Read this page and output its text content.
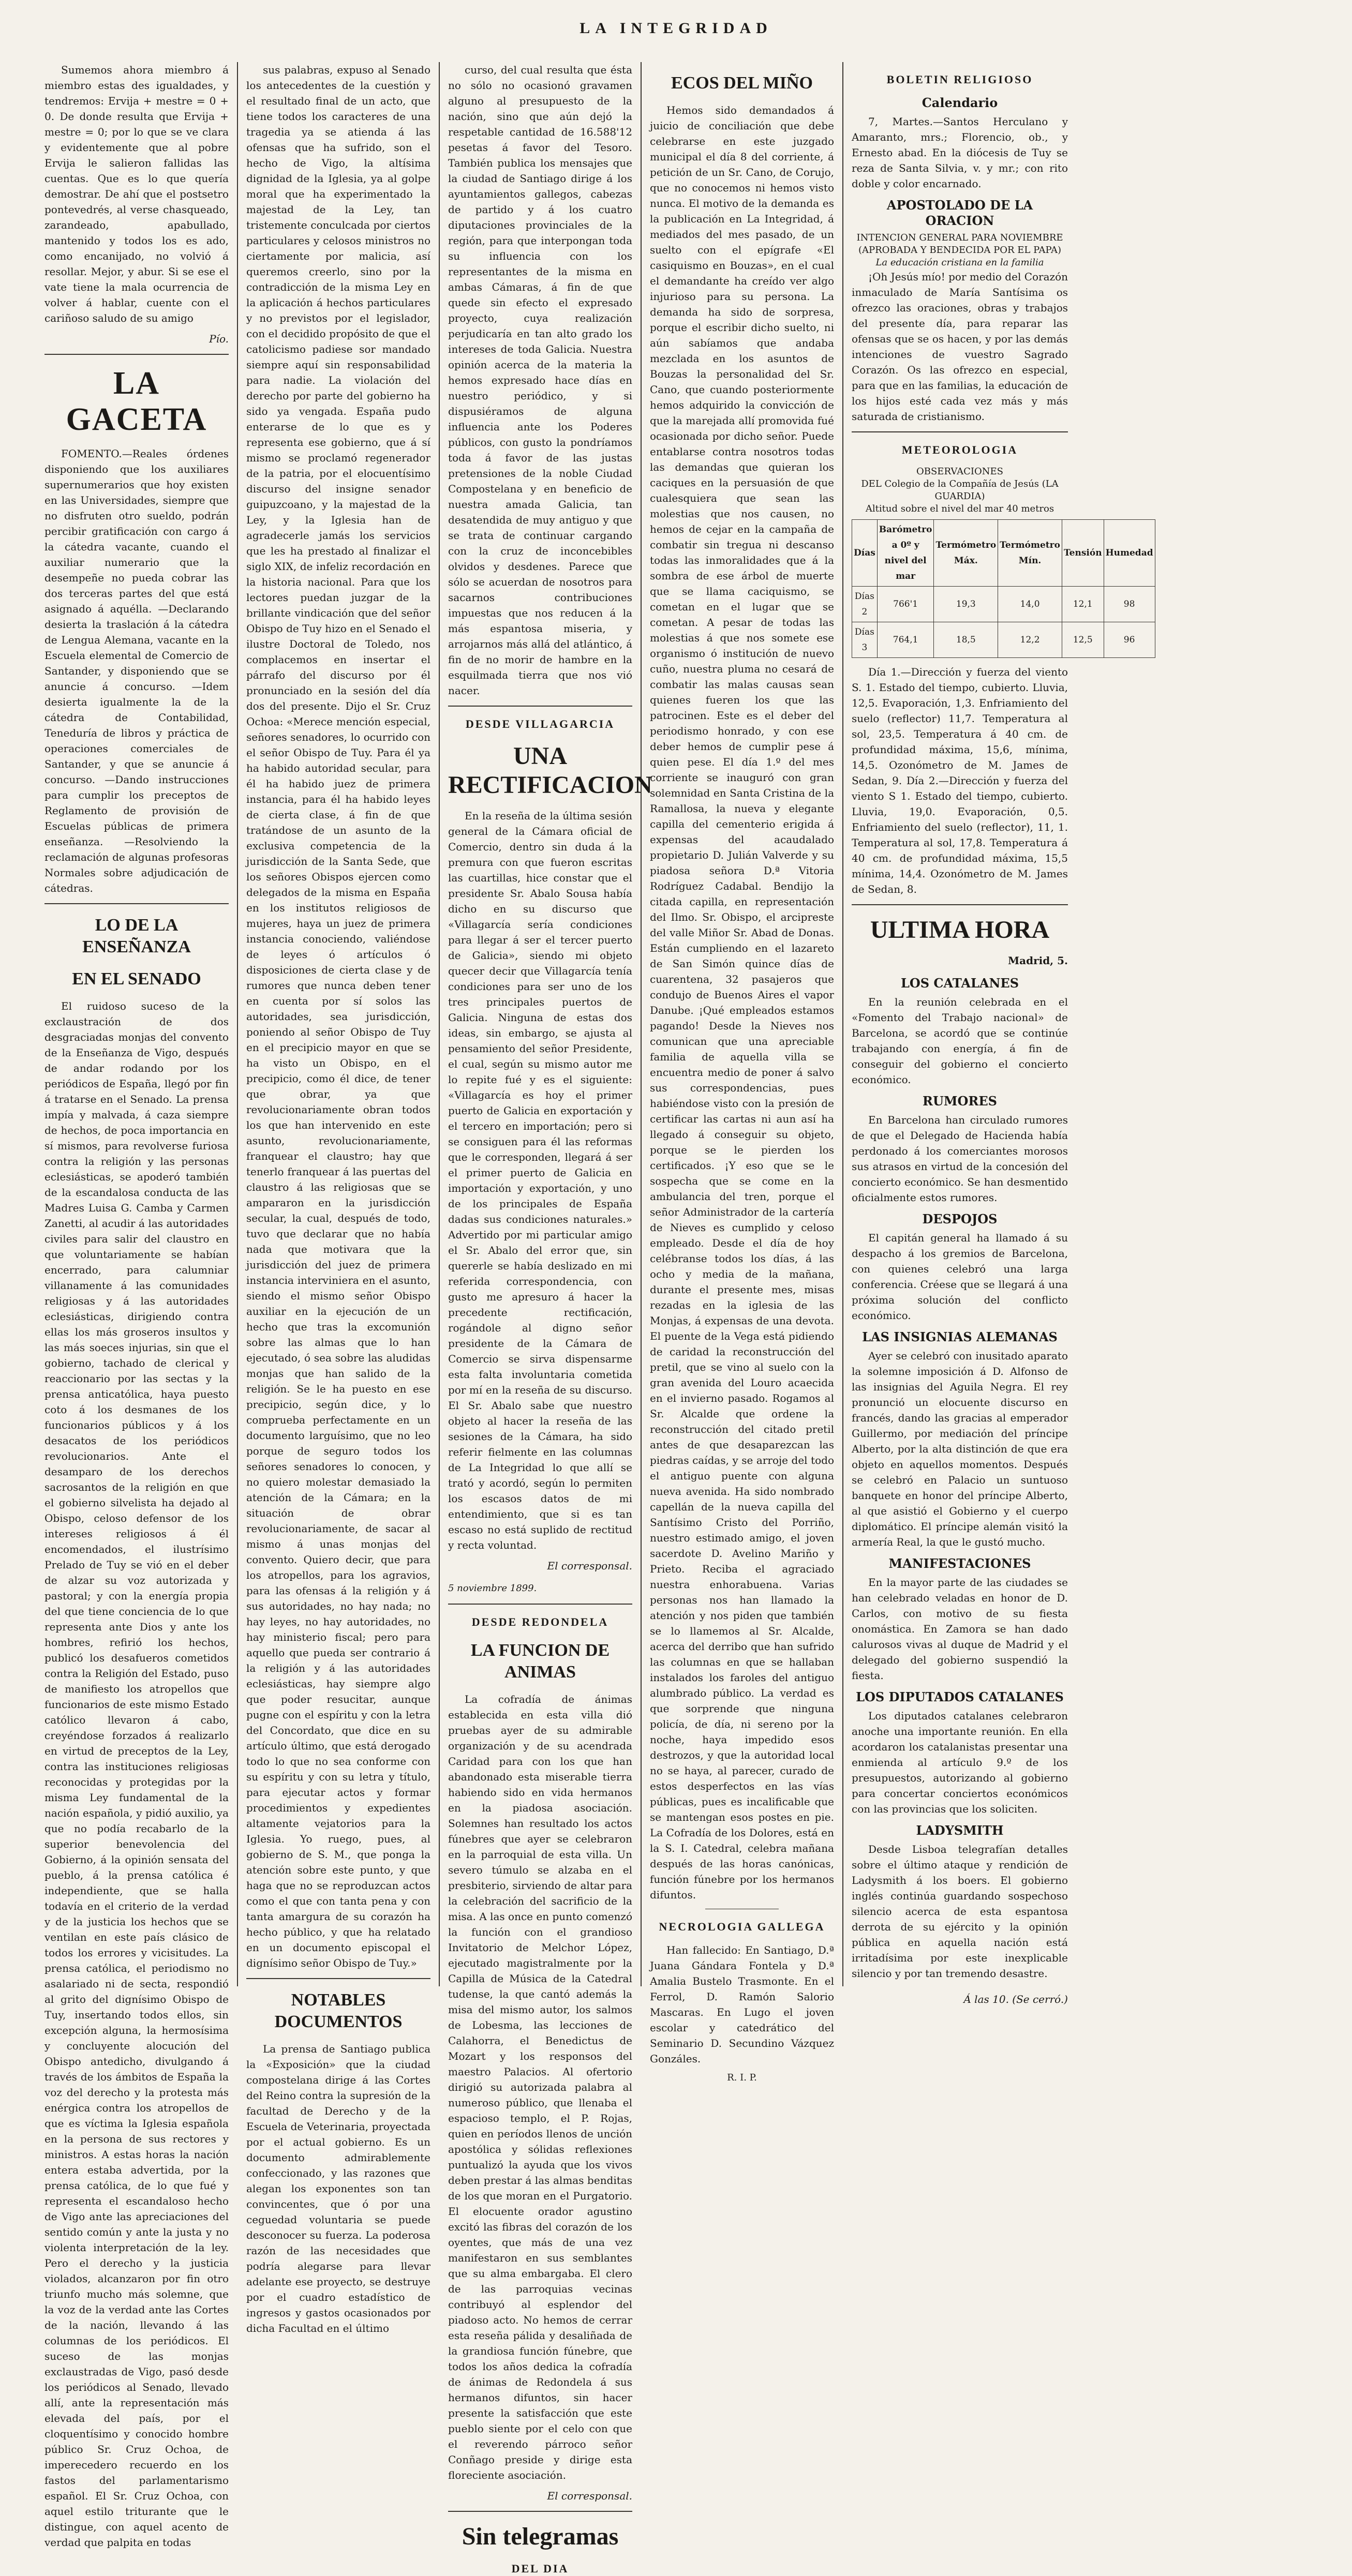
LA INTEGRIDAD

Sumemos ahora miembro á miembro estas des igualdades, y tendremos: Ervija + mestre = 0 + 0. De donde resulta que Ervija + mestre = 0; por lo que se ve clara y evidentemente que al pobre Ervija le salieron fallidas las cuentas. Que es lo que quería demostrar. De ahí que el postsetro pontevedrés, al verse chasqueado, zarandeado, apabullado, mantenido y todos los es ado, como encanijado, no volvió á resollar. Mejor, y abur. Si se ese el vate tiene la mala ocurrencia de volver á hablar, cuente con el cariñoso saludo de su amigo

Pío.
LA GACETA

FOMENTO.—Reales órdenes disponiendo que los auxiliares supernumerarios que hoy existen en las Universidades, siempre que no disfruten otro sueldo, podrán percibir gratificación con cargo á la cátedra vacante, cuando el auxiliar numerario que la desempeñe no pueda cobrar las dos terceras partes del que está asignado á aquélla. —Declarando desierta la traslación á la cátedra de Lengua Alemana, vacante en la Escuela elemental de Comercio de Santander, y disponiendo que se anuncie á concurso. —Idem desierta igualmente la de la cátedra de Contabilidad, Teneduría de libros y práctica de operaciones comerciales de Santander, y que se anuncie á concurso. —Dando instrucciones para cumplir los preceptos de Reglamento de provisión de Escuelas públicas de primera enseñanza. —Resolviendo la reclamación de algunas profesoras Normales sobre adjudicación de cátedras.

LO DE LA ENSEÑANZA
EN EL SENADO

El ruidoso suceso de la exclaustración de dos desgraciadas monjas del convento de la Enseñanza de Vigo, después de andar rodando por los periódicos de España, llegó por fin á tratarse en el Senado. La prensa impía y malvada, á caza siempre de hechos, de poca importancia en sí mismos, para revolverse furiosa contra la religión y las personas eclesiásticas, se apoderó también de la escandalosa conducta de las Madres Luisa G. Camba y Carmen Zanetti, al acudir á las autoridades civiles para salir del claustro en que voluntariamente se habían encerrado, para calumniar villanamente á las comunidades religiosas y á las autoridades eclesiásticas, dirigiendo contra ellas los más groseros insultos y las más soeces injurias, sin que el gobierno, tachado de clerical y reaccionario por las sectas y la prensa anticatólica, haya puesto coto á los desmanes de los funcionarios públicos y á los desacatos de los periódicos revolucionarios. Ante el desamparo de los derechos sacrosantos de la religión en que el gobierno silvelista ha dejado al Obispo, celoso defensor de los intereses religiosos á él encomendados, el ilustrísimo Prelado de Tuy se vió en el deber de alzar su voz autorizada y pastoral; y con la energía propia del que tiene conciencia de lo que representa ante Dios y ante los hombres, refirió los hechos, publicó los desafueros cometidos contra la Religión del Estado, puso de manifiesto los atropellos que funcionarios de este mismo Estado católico llevaron á cabo, creyéndose forzados á realizarlo en virtud de preceptos de la Ley, contra las instituciones religiosas reconocidas y protegidas por la misma Ley fundamental de la nación española, y pidió auxilio, ya que no podía recabarlo de la superior benevolencia del Gobierno, á la opinión sensata del pueblo, á la prensa católica é independiente, que se halla todavía en el criterio de la verdad y de la justicia los hechos que se ventilan en este país clásico de todos los errores y vicisitudes. La prensa católica, el periodismo no asalariado ni de secta, respondió al grito del dignísimo Obispo de Tuy, insertando todos ellos, sin excepción alguna, la hermosísima y concluyente alocución del Obispo antedicho, divulgando á través de los ámbitos de España la voz del derecho y la protesta más enérgica contra los atropellos de que es víctima la Iglesia española en la persona de sus rectores y ministros. A estas horas la nación entera estaba advertida, por la prensa católica, de lo que fué y representa el escandaloso hecho de Vigo ante las apreciaciones del sentido común y ante la justa y no violenta interpretación de la ley. Pero el derecho y la justicia violados, alcanzaron por fin otro triunfo mucho más solemne, que la voz de la verdad ante las Cortes de la nación, llevando á las columnas de los periódicos. El suceso de las monjas exclaustradas de Vigo, pasó desde los periódicos al Senado, llevado allí, ante la representación más elevada del país, por el cloquentísimo y conocido hombre público Sr. Cruz Ochoa, de imperecedero recuerdo en los fastos del parlamentarismo español. El Sr. Cruz Ochoa, con aquel estilo triturante que le distingue, con aquel acento de verdad que palpita en todas

sus palabras, expuso al Senado los antecedentes de la cuestión y el resultado final de un acto, que tiene todos los caracteres de una tragedia ya se atienda á las ofensas que ha sufrido, son el hecho de Vigo, la altísima dignidad de la Iglesia, ya al golpe moral que ha experimentado la majestad de la Ley, tan tristemente conculcada por ciertos particulares y celosos ministros no ciertamente por malicia, así queremos creerlo, sino por la contradicción de la misma Ley en la aplicación á hechos particulares y no previstos por el legislador, con el decidido propósito de que el catolicismo padiese sor mandado siempre aquí sin responsabilidad para nadie. La violación del derecho por parte del gobierno ha sido ya vengada. España pudo enterarse de lo que es y representa ese gobierno, que á sí mismo se proclamó regenerador de la patria, por el elocuentísimo discurso del insigne senador guipuzcoano, y la majestad de la Ley, y la Iglesia han de agradecerle jamás los servicios que les ha prestado al finalizar el siglo XIX, de infeliz recordación en la historia nacional. Para que los lectores puedan juzgar de la brillante vindicación que del señor Obispo de Tuy hizo en el Senado el ilustre Doctoral de Toledo, nos complacemos en insertar el párrafo del discurso por él pronunciado en la sesión del día dos del presente. Dijo el Sr. Cruz Ochoa: «Merece mención especial, señores senadores, lo ocurrido con el señor Obispo de Tuy. Para él ya ha habido autoridad secular, para él ha habido juez de primera instancia, para él ha habido leyes de cierta clase, á fin de que tratándose de un asunto de la exclusiva competencia de la jurisdicción de la Santa Sede, que los señores Obispos ejercen como delegados de la misma en España en los institutos religiosos de mujeres, haya un juez de primera instancia conociendo, valiéndose de leyes ó artículos ó disposiciones de cierta clase y de rumores que nunca deben tener en cuenta por sí solos las autoridades, sea jurisdicción, poniendo al señor Obispo de Tuy en el precipicio mayor en que se ha visto un Obispo, en el precipicio, como él dice, de tener que obrar, ya que revolucionariamente obran todos los que han intervenido en este asunto, revolucionariamente, franquear el claustro; hay que tenerlo franquear á las puertas del claustro á las religiosas que se ampararon en la jurisdicción secular, la cual, después de todo, tuvo que declarar que no había nada que motivara que la jurisdicción del juez de primera instancia interviniera en el asunto, siendo el mismo señor Obispo auxiliar en la ejecución de un hecho que tras la excomunión sobre las almas que lo han ejecutado, ó sea sobre las aludidas monjas que han salido de la religión. Se le ha puesto en ese precipicio, según dice, y lo comprueba perfectamente en un documento larguísimo, que no leo porque de seguro todos los señores senadores lo conocen, y no quiero molestar demasiado la atención de la Cámara; en la situación de obrar revolucionariamente, de sacar al mismo á unas monjas del convento. Quiero decir, que para los atropellos, para los agravios, para las ofensas á la religión y á sus autoridades, no hay nada; no hay leyes, no hay autoridades, no hay ministerio fiscal; pero para aquello que pueda ser contrario á la religión y á las autoridades eclesiásticas, hay siempre algo que poder resucitar, aunque pugne con el espíritu y con la letra del Concordato, que dice en su artículo último, que está derogado todo lo que no sea conforme con su espíritu y con su letra y título, para ejecutar actos y formar procedimientos y expedientes altamente vejatorios para la Iglesia. Yo ruego, pues, al gobierno de S. M., que ponga la atención sobre este punto, y que haga que no se reproduzcan actos como el que con tanta pena y con tanta amargura de su corazón ha hecho público, y que ha relatado en un documento episcopal el dignísimo señor Obispo de Tuy.»

NOTABLES DOCUMENTOS

La prensa de Santiago publica la «Exposición» que la ciudad compostelana dirige á las Cortes del Reino contra la supresión de la facultad de Derecho y de la Escuela de Veterinaria, proyectada por el actual gobierno. Es un documento admirablemente confeccionado, y las razones que alegan los exponentes son tan convincentes, que ó por una ceguedad voluntaria se puede desconocer su fuerza. La poderosa razón de las necesidades que podría alegarse para llevar adelante ese proyecto, se destruye por el cuadro estadístico de ingresos y gastos ocasionados por dicha Facultad en el último

curso, del cual resulta que ésta no sólo no ocasionó gravamen alguno al presupuesto de la nación, sino que aún dejó la respetable cantidad de 16.588'12 pesetas á favor del Tesoro. También publica los mensajes que la ciudad de Santiago dirige á los ayuntamientos gallegos, cabezas de partido y á los cuatro diputaciones provinciales de la región, para que interpongan toda su influencia con los representantes de la misma en ambas Cámaras, á fin de que quede sin efecto el expresado proyecto, cuya realización perjudicaría en tan alto grado los intereses de toda Galicia. Nuestra opinión acerca de la materia la hemos expresado hace días en nuestro periódico, y si dispusiéramos de alguna influencia ante los Poderes públicos, con gusto la pondríamos toda á favor de las justas pretensiones de la noble Ciudad Compostelana y en beneficio de nuestra amada Galicia, tan desatendida de muy antiguo y que se trata de continuar cargando con la cruz de inconcebibles olvidos y desdenes. Parece que sólo se acuerdan de nosotros para sacarnos contribuciones impuestas que nos reducen á la más espantosa miseria, y arrojarnos más allá del atlántico, á fin de no morir de hambre en la esquilmada tierra que nos vió nacer.

DESDE VILLAGARCIA
UNA RECTIFICACION

En la reseña de la última sesión general de la Cámara oficial de Comercio, dentro sin duda á la premura con que fueron escritas las cuartillas, hice constar que el presidente Sr. Abalo Sousa había dicho en su discurso que «Villagarcía sería condiciones para llegar á ser el tercer puerto de Galicia», siendo mi objeto quecer decir que Villagarcía tenía condiciones para ser uno de los tres principales puertos de Galicia. Ninguna de estas dos ideas, sin embargo, se ajusta al pensamiento del señor Presidente, el cual, según su mismo autor me lo repite fué y es el siguiente: «Villagarcía es hoy el primer puerto de Galicia en exportación y el tercero en importación; pero si se consiguen para él las reformas que le corresponden, llegará á ser el primer puerto de Galicia en importación y exportación, y uno de los principales de España dadas sus condiciones naturales.» Advertido por mi particular amigo el Sr. Abalo del error que, sin quererle se había deslizado en mi referida correspondencia, con gusto me apresuro á hacer la precedente rectificación, rogándole al digno señor presidente de la Cámara de Comercio se sirva dispensarme esta falta involuntaria cometida por mí en la reseña de su discurso. El Sr. Abalo sabe que nuestro objeto al hacer la reseña de las sesiones de la Cámara, ha sido referir fielmente en las columnas de La Integridad lo que allí se trató y acordó, según lo permiten los escasos datos de mi entendimiento, que si es tan escaso no está suplido de rectitud y recta voluntad.

El corresponsal.
5 noviembre 1899.
DESDE REDONDELA
LA FUNCION DE ANIMAS

La cofradía de ánimas establecida en esta villa dió pruebas ayer de su admirable organización y de su acendrada Caridad para con los que han abandonado esta miserable tierra habiendo sido en vida hermanos en la piadosa asociación. Solemnes han resultado los actos fúnebres que ayer se celebraron en la parroquial de esta villa. Un severo túmulo se alzaba en el presbiterio, sirviendo de altar para la celebración del sacrificio de la misa. A las once en punto comenzó la función con el grandioso Invitatorio de Melchor López, ejecutado magistralmente por la Capilla de Música de la Catedral tudense, la que cantó además la misa del mismo autor, los salmos de Lobesma, las lecciones de Calahorra, el Benedictus de Mozart y los responsos del maestro Palacios. Al ofertorio dirigió su autorizada palabra al numeroso público, que llenaba el espacioso templo, el P. Rojas, quien en períodos llenos de unción apostólica y sólidas reflexiones puntualizó la ayuda que los vivos deben prestar á las almas benditas de los que moran en el Purgatorio. El elocuente orador agustino excitó las fibras del corazón de los oyentes, que más de una vez manifestaron en sus semblantes que su alma embargaba. El clero de las parroquias vecinas contribuyó al esplendor del piadoso acto. No hemos de cerrar esta reseña pálida y desaliñada de la grandiosa función fúnebre, que todos los años dedica la cofradía de ánimas de Redondela á sus hermanos difuntos, sin hacer presente la satisfacción que este pueblo siente por el celo con que el reverendo párroco señor Conñago preside y dirige esta floreciente asociación.

El corresponsal.
Sin telegramas
DEL DIA
ECOS DEL MIÑO

Hemos sido demandados á juicio de conciliación que debe celebrarse en este juzgado municipal el día 8 del corriente, á petición de un Sr. Cano, de Corujo, que no conocemos ni hemos visto nunca. El motivo de la demanda es la publicación en La Integridad, á mediados del mes pasado, de un suelto con el epígrafe «El casiquismo en Bouzas», en el cual el demandante ha creído ver algo injurioso para su persona. La demanda ha sido de sorpresa, porque el escribir dicho suelto, ni aún sabíamos que andaba mezclada en los asuntos de Bouzas la personalidad del Sr. Cano, que cuando posteriormente hemos adquirido la convicción de que la marejada allí promovida fué ocasionada por dicho señor. Puede entablarse contra nosotros todas las demandas que quieran los caciques en la persuasión de que cualesquiera que sean las molestias que nos causen, no hemos de cejar en la campaña de combatir sin tregua ni descanso todas las inmoralidades que á la sombra de ese árbol de muerte que se llama caciquismo, se cometan en el lugar que se cometan. A pesar de todas las molestias á que nos somete ese organismo ó institución de nuevo cuño, nuestra pluma no cesará de combatir las malas causas sean quienes fueren los que las patrocinen. Este es el deber del periodismo honrado, y con ese deber hemos de cumplir pese á quien pese. El día 1.º del mes corriente se inauguró con gran solemnidad en Santa Cristina de la Ramallosa, la nueva y elegante capilla del cementerio erigida á expensas del acaudalado propietario D. Julián Valverde y su piadosa señora D.ª Vitoria Rodríguez Cadabal. Bendijo la citada capilla, en representación del Ilmo. Sr. Obispo, el arcipreste del valle Miñor Sr. Abad de Donas. Están cumpliendo en el lazareto de San Simón quince días de cuarentena, 32 pasajeros que condujo de Buenos Aires el vapor Danube. ¡Qué empleados estamos pagando! Desde la Nieves nos comunican que una apreciable familia de aquella villa se encuentra medio de poner á salvo sus correspondencias, pues habiéndose visto con la presión de certificar las cartas ni aun así ha llegado á conseguir su objeto, porque se le pierden los certificados. ¡Y eso que se le sospecha que se come en la ambulancia del tren, porque el señor Administrador de la cartería de Nieves es cumplido y celoso empleado. Desde el día de hoy celébranse todos los días, á las ocho y media de la mañana, durante el presente mes, misas rezadas en la iglesia de las Monjas, á expensas de una devota. El puente de la Vega está pidiendo de caridad la reconstrucción del pretil, que se vino al suelo con la gran avenida del Louro acaecida en el invierno pasado. Rogamos al Sr. Alcalde que ordene la reconstrucción del citado pretil antes de que desaparezcan las piedras caídas, y se arroje del todo el antiguo puente con alguna nueva avenida. Ha sido nombrado capellán de la nueva capilla del Santísimo Cristo del Porriño, nuestro estimado amigo, el joven sacerdote D. Avelino Mariño y Prieto. Reciba el agraciado nuestra enhorabuena. Varias personas nos han llamado la atención y nos piden que también se lo llamemos al Sr. Alcalde, acerca del derribo que han sufrido las columnas en que se hallaban instalados los faroles del antiguo alumbrado público. La verdad es que sorprende que ninguna policía, de día, ni sereno por la noche, haya impedido esos destrozos, y que la autoridad local no se haya, al parecer, curado de estos desperfectos en las vías públicas, pues es incalificable que se mantengan esos postes en pie. La Cofradía de los Dolores, está en la S. I. Catedral, celebra mañana después de las horas canónicas, función fúnebre por los hermanos difuntos.

NECROLOGIA GALLEGA

Han fallecido: En Santiago, D.ª Juana Gándara Fontela y D.ª Amalia Bustelo Trasmonte. En el Ferrol, D. Ramón Salorio Mascaras. En Lugo el joven escolar y catedrático del Seminario D. Secundino Vázquez Gonzáles.

R. I. P.
BOLETIN RELIGIOSO
Calendario

7, Martes.—Santos Herculano y Amaranto, mrs.; Florencio, ob., y Ernesto abad. En la diócesis de Tuy se reza de Santa Silvia, v. y mr.; con rito doble y color encarnado.

APOSTOLADO DE LA ORACION
INTENCION GENERAL PARA NOVIEMBRE (APROBADA Y BENDECIDA POR EL PAPA)
La educación cristiana en la familia

¡Oh Jesús mío! por medio del Corazón inmaculado de María Santísima os ofrezco las oraciones, obras y trabajos del presente día, para reparar las ofensas que se os hacen, y por las demás intenciones de vuestro Sagrado Corazón. Os las ofrezco en especial, para que en las familias, la educación de los hijos esté cada vez más y más saturada de cristianismo.

METEOROLOGIA
OBSERVACIONES
DEL Colegio de la Compañía de Jesús (LA GUARDIA)
Altitud sobre el nivel del mar 40 metros
Días	Barómetro a 0º y nivel del mar	Termómetro Máx.	Termómetro Mín.	Tensión	Humedad
Días 2	766'1	19,3	14,0	12,1	98
Días 3	764,1	18,5	12,2	12,5	96

Día 1.—Dirección y fuerza del viento S. 1. Estado del tiempo, cubierto. Lluvia, 12,5. Evaporación, 1,3. Enfriamiento del suelo (reflector) 11,7. Temperatura al sol, 23,5. Temperatura á 40 cm. de profundidad máxima, 15,6, mínima, 14,5. Ozonómetro de M. James de Sedan, 9. Día 2.—Dirección y fuerza del viento S 1. Estado del tiempo, cubierto. Lluvia, 19,0. Evaporación, 0,5. Enfriamiento del suelo (reflector), 11, 1. Temperatura al sol, 17,8. Temperatura á 40 cm. de profundidad máxima, 15,5 mínima, 14,4. Ozonómetro de M. James de Sedan, 8.

ULTIMA HORA
Madrid, 5.
LOS CATALANES

En la reunión celebrada en el «Fomento del Trabajo nacional» de Barcelona, se acordó que se continúe trabajando con energía, á fin de conseguir del gobierno el concierto económico.

RUMORES

En Barcelona han circulado rumores de que el Delegado de Hacienda había perdonado á los comerciantes morosos sus atrasos en virtud de la concesión del concierto económico. Se han desmentido oficialmente estos rumores.

DESPOJOS

El capitán general ha llamado á su despacho á los gremios de Barcelona, con quienes celebró una larga conferencia. Créese que se llegará á una próxima solución del conflicto económico.

LAS INSIGNIAS ALEMANAS

Ayer se celebró con inusitado aparato la solemne imposición á D. Alfonso de las insignias del Aguila Negra. El rey pronunció un elocuente discurso en francés, dando las gracias al emperador Guillermo, por mediación del príncipe Alberto, por la alta distinción de que era objeto en aquellos momentos. Después se celebró en Palacio un suntuoso banquete en honor del príncipe Alberto, al que asistió el Gobierno y el cuerpo diplomático. El príncipe alemán visitó la armería Real, la que le gustó mucho.

MANIFESTACIONES

En la mayor parte de las ciudades se han celebrado veladas en honor de D. Carlos, con motivo de su fiesta onomástica. En Zamora se han dado calurosos vivas al duque de Madrid y el delegado del gobierno suspendió la fiesta.

LOS DIPUTADOS CATALANES

Los diputados catalanes celebraron anoche una importante reunión. En ella acordaron los catalanistas presentar una enmienda al artículo 9.º de los presupuestos, autorizando al gobierno para concertar conciertos económicos con las provincias que los soliciten.

LADYSMITH

Desde Lisboa telegrafían detalles sobre el último ataque y rendición de Ladysmith á los boers. El gobierno inglés continúa guardando sospechoso silencio acerca de esta espantosa derrota de su ejército y la opinión pública en aquella nación está irritadísima por este inexplicable silencio y por tan tremendo desastre.

Á las 10. (Se cerró.)
